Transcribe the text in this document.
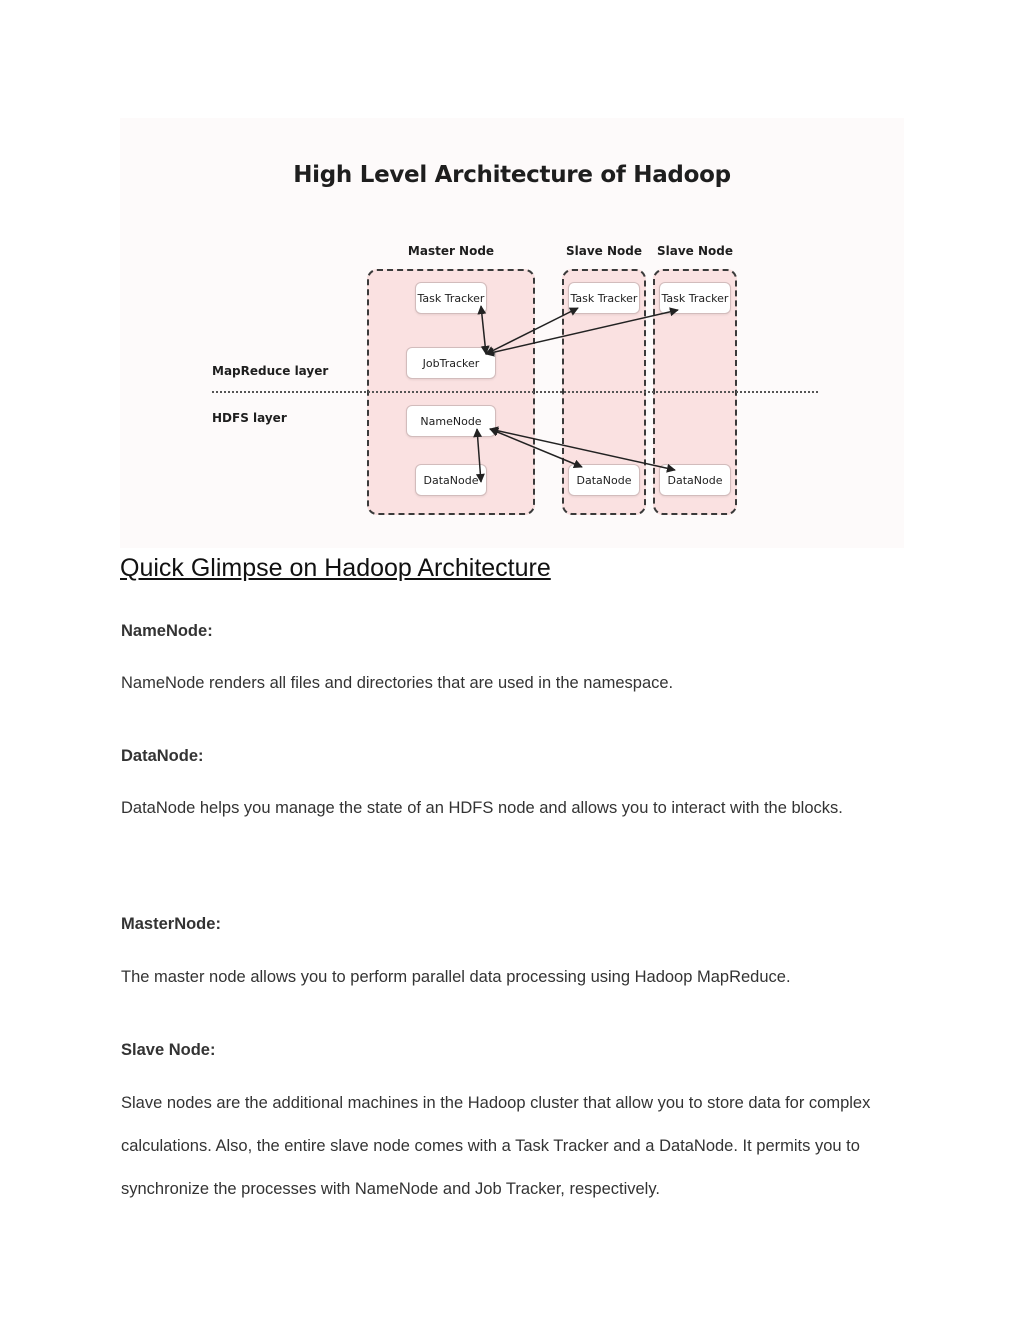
High Level Architecture of Hadoop
Master Node	Slave Node	Slave Node
MapReduce layer
HDFS layer
Task Tracker
JobTracker
NameNode
DataNode
Task Tracker
DataNode
Task Tracker
DataNode
Quick Glimpse on Hadoop Architecture
NameNode:

NameNode renders all files and directories that are used in the namespace.

DataNode:

DataNode helps you manage the state of an HDFS node and allows you to interact with the blocks.

MasterNode:

The master node allows you to perform parallel data processing using Hadoop MapReduce.

Slave Node:

Slave nodes are the additional machines in the Hadoop cluster that allow you to store data for complex calculations. Also, the entire slave node comes with a Task Tracker and a DataNode. It permits you to synchronize the processes with NameNode and Job Tracker, respectively.
